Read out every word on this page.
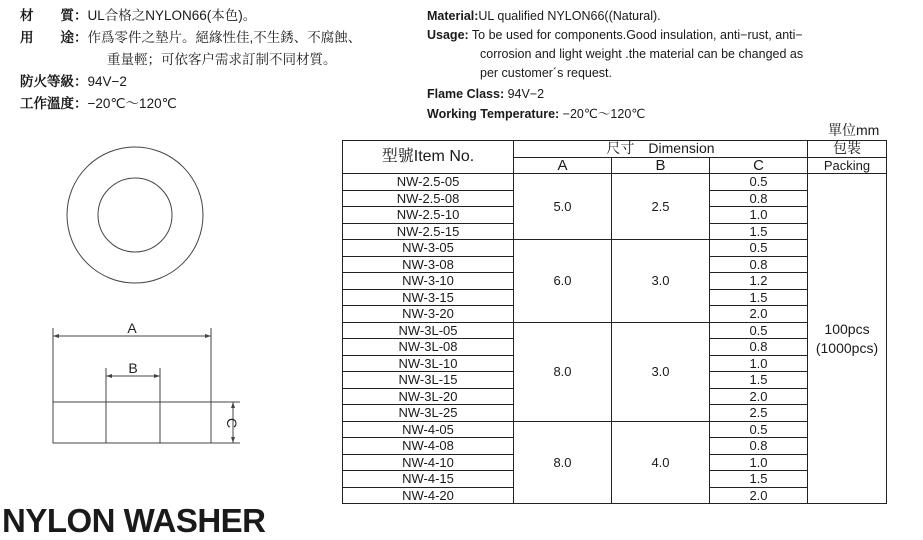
材　　質：UL合格之NYLON66(本色)。
用　　途：作爲零件之墊片。絕緣性佳,不生銹、不腐蝕、
重量輕；可依客户需求訂制不同材質。
防火等級：94V−2
工作溫度：−20℃～120℃
Material:UL qualified NYLON66((Natural).
Usage: To be used for components.Good insulation, anti−rust, anti−
corrosion and light weight .the material can be changed as
per customer´s request.
Flame Class: 94V−2
Working Temperature: −20℃～120℃
單位mm
A
B
C
NYLON WASHER
型號Item No.	尺寸　Dimension			包裝
	A	B	C	Packing
NW-2.5-05	5.0	2.5	0.5	100pcs
(1000pcs)

NW-2.5-08			0.8	
NW-2.5-10			1.0	
NW-2.5-15			1.5	
NW-3-05	6.0	3.0	0.5	
NW-3-08			0.8	
NW-3-10			1.2	
NW-3-15			1.5	
NW-3-20			2.0	
NW-3L-05	8.0	3.0	0.5	
NW-3L-08			0.8	
NW-3L-10			1.0	
NW-3L-15			1.5	
NW-3L-20			2.0	
NW-3L-25			2.5	
NW-4-05	8.0	4.0	0.5	
NW-4-08			0.8	
NW-4-10			1.0	
NW-4-15			1.5	
NW-4-20			2.0	
